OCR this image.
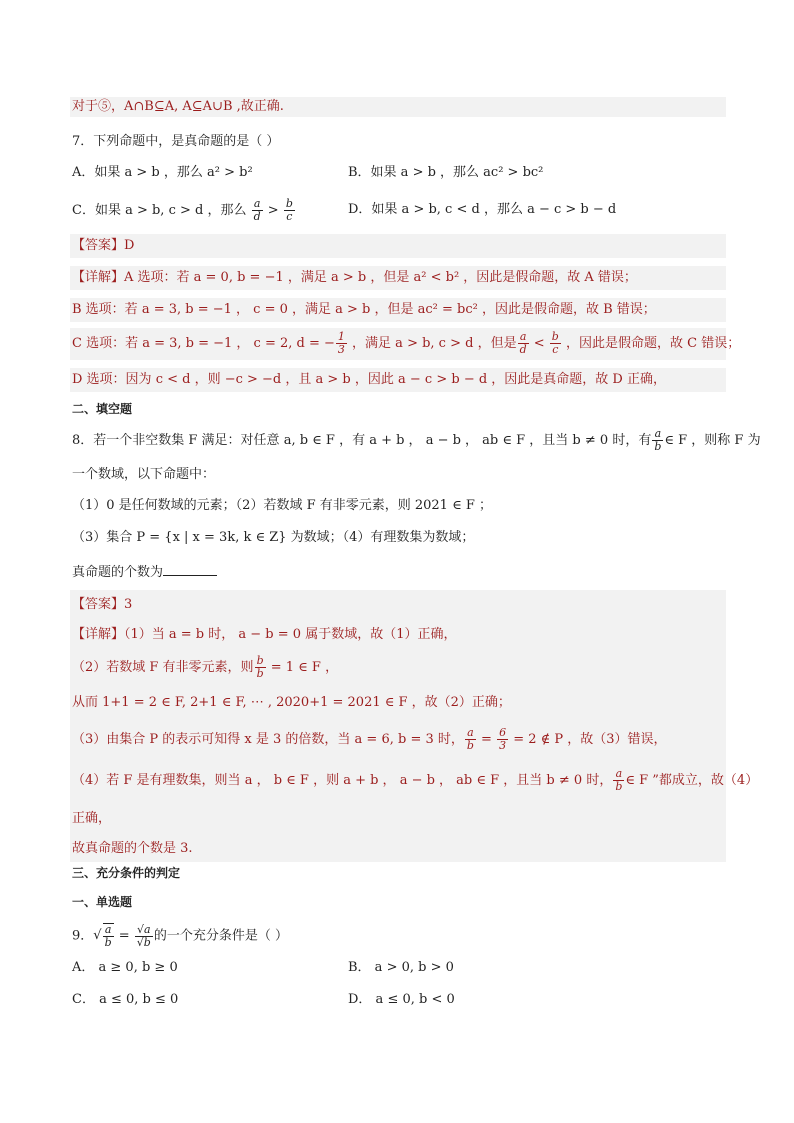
对于⑤，A∩B⊆A, A⊆A∪B ,故正确.
7．下列命题中，是真命题的是（ ）
A．如果 a > b ，那么 a² > b²	B．如果 a > b ，那么 ac² > bc²
C．如果 a > b, c > d ，那么 $\frac{a}{d} > \frac{b}{c}$	D．如果 a > b, c < d ，那么 a − c > b − d
【答案】D
【详解】A 选项：若 a = 0, b = −1 ，满足 a > b ，但是 a² < b² ，因此是假命题，故 A 错误；
B 选项：若 a = 3, b = −1 ， c = 0 ，满足 a > b ，但是 ac² = bc² ，因此是假命题，故 B 错误；
C 选项：若 a = 3, b = −1 ， c = 2, d = − $\frac{1}{3}$ ，满足 a > b, c > d ，但是 $\frac{a}{d} < \frac{b}{c}$ ，因此是假命题，故 C 错误；
D 选项：因为 c < d ，则 −c > −d ，且 a > b ，因此 a − c > b − d ，因此是真命题，故 D 正确，
二、填空题
8．若一个非空数集 F 满足：对任意 a, b ∈ F ，有 a + b ， a − b ， ab ∈ F ，且当 b ≠ 0 时，有 $\frac{a}{b}$ ∈ F ，则称 F 为
一个数域，以下命题中：
（1）0 是任何数域的元素；（2）若数域 F 有非零元素，则 2021 ∈ F ；
（3）集合 P = {x | x = 3k, k ∈ Z} 为数域；（4）有理数集为数域；
真命题的个数为
【答案】3
【详解】（1）当 a = b 时， a − b = 0 属于数域，故（1）正确，
（2）若数域 F 有非零元素，则 $\frac{b}{b} = 1$ ∈ F ，
从而 1+1 = 2 ∈ F, 2+1 ∈ F, ⋯ , 2020+1 = 2021 ∈ F ，故（2）正确；
（3）由集合 P 的表示可知得 x 是 3 的倍数，当 a = 6, b = 3 时， $\frac{a}{b} = \frac{6}{3} = 2$ ∉ P ，故（3）错误，
（4）若 F 是有理数集，则当 a ， b ∈ F ，则 a + b ， a − b ， ab ∈ F ，且当 b ≠ 0 时， $\frac{a}{b}$ ∈ F ”都成立，故（4）
正确，
故真命题的个数是 3.
三、充分条件的判定
一、单选题
9．√ $\frac{a}{b} = \frac{√a}{√b}$ 的一个充分条件是（ ）
A． a ≥ 0, b ≥ 0	B． a > 0, b > 0
C． a ≤ 0, b ≤ 0	D． a ≤ 0, b < 0
